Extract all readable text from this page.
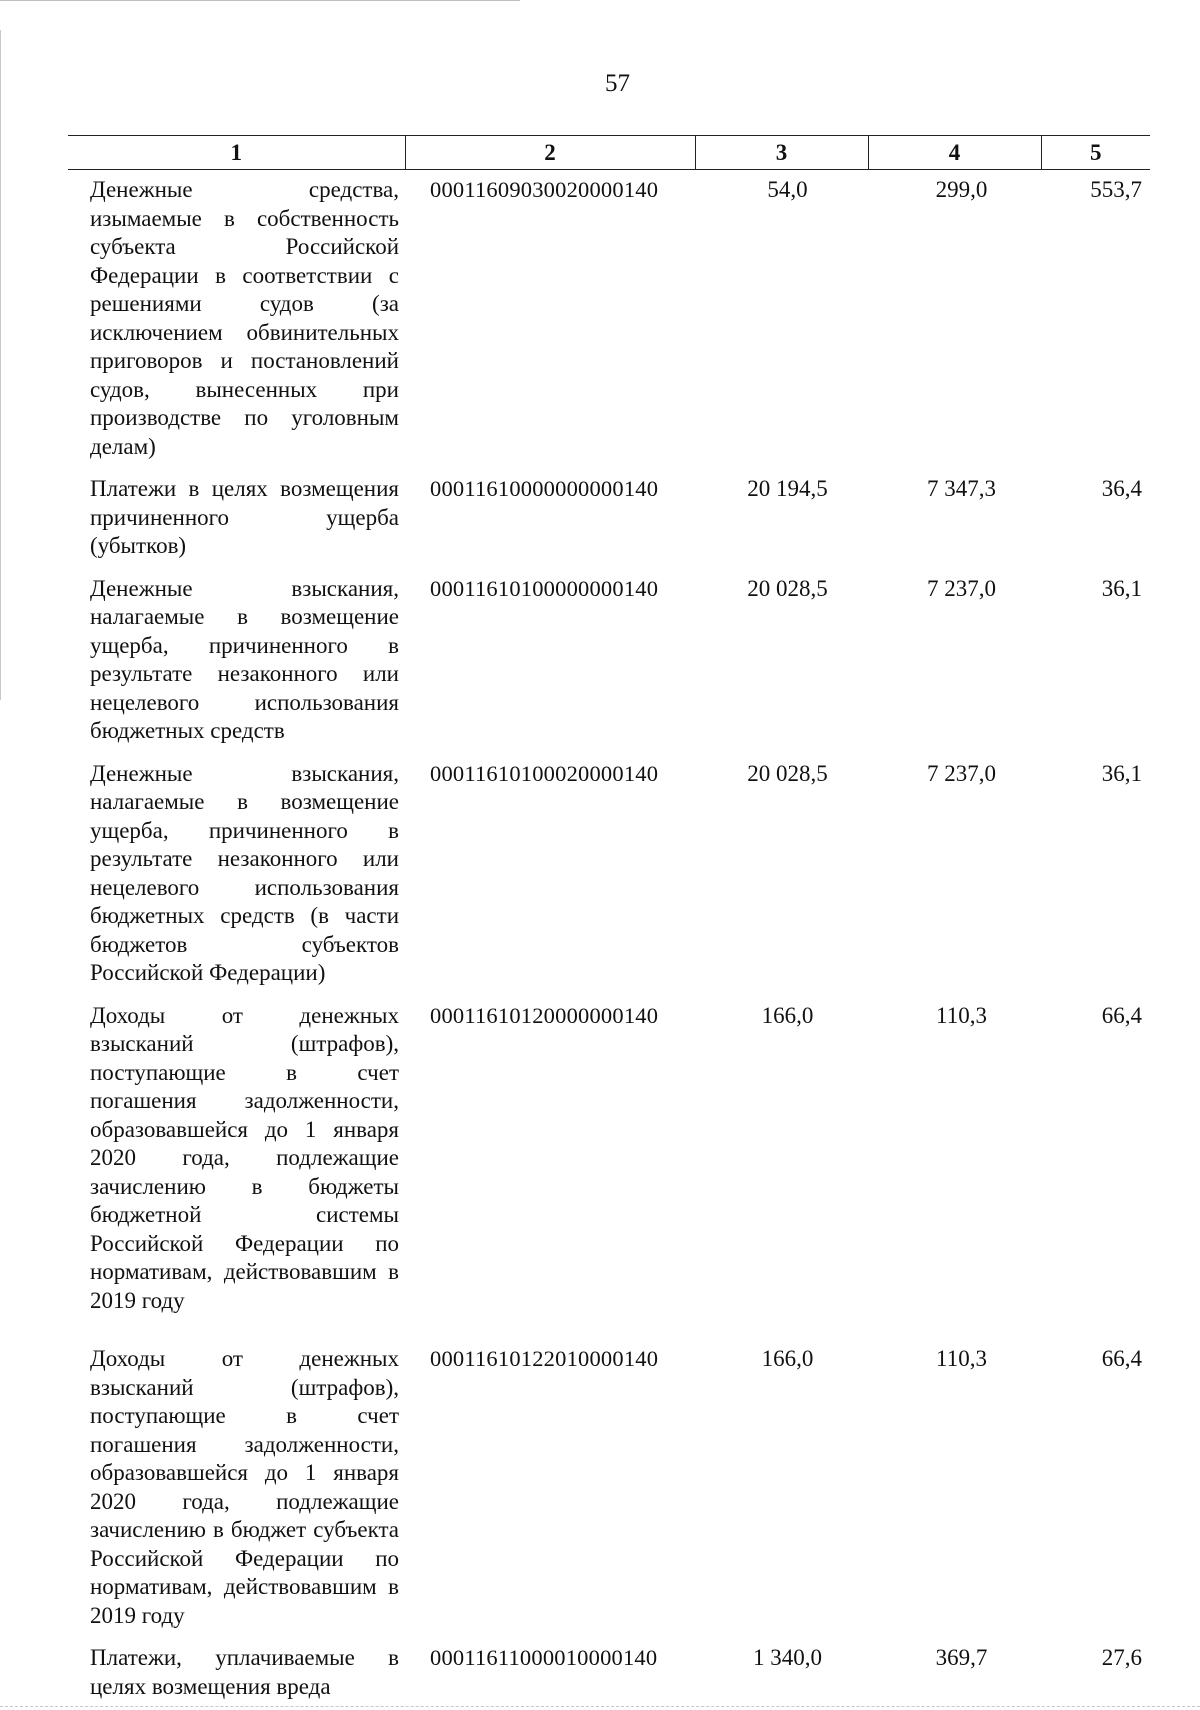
57
1	2	3	4	5
Денежные средства, изымаемые в собственность субъекта Российской Федерации в соответствии с решениями судов (за исключением обвинительных приговоров и постановлений судов, вынесенных при производстве по уголовным делам)	00011609030020000140	54,0	299,0	553,7
Платежи в целях возмещения причиненного ущерба (убытков)	00011610000000000140	20 194,5	7 347,3	36,4
Денежные взыскания, налагаемые в возмещение ущерба, причиненного в результате незаконного или нецелевого использования бюджетных средств	00011610100000000140	20 028,5	7 237,0	36,1
Денежные взыскания, налагаемые в возмещение ущерба, причиненного в результате незаконного или нецелевого использования бюджетных средств (в части бюджетов субъектов Российской Федерации)	00011610100020000140	20 028,5	7 237,0	36,1
Доходы от денежных взысканий (штрафов), поступающие в счет погашения задолженности, образовавшейся до 1 января 2020 года, подлежащие зачислению в бюджеты бюджетной системы Российской Федерации по нормативам, действовавшим в 2019 году	00011610120000000140	166,0	110,3	66,4
Доходы от денежных взысканий (штрафов), поступающие в счет погашения задолженности, образовавшейся до 1 января 2020 года, подлежащие зачислению в бюджет субъекта Российской Федерации по нормативам, действовавшим в 2019 году	00011610122010000140	166,0	110,3	66,4
Платежи, уплачиваемые в целях возмещения вреда	00011611000010000140	1 340,0	369,7	27,6
